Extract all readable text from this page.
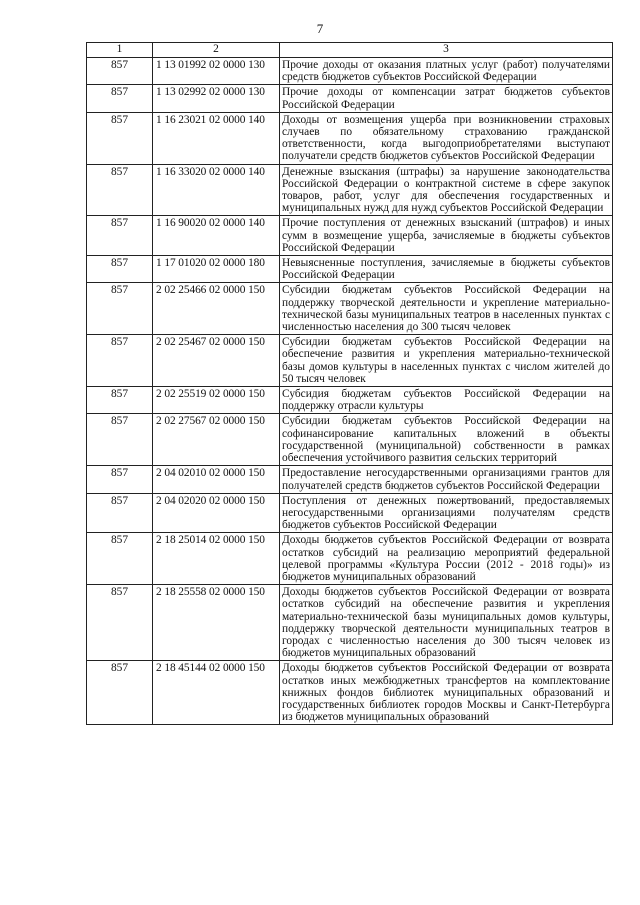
7
1	2	3
857	1 13 01992 02 0000 130	Прочие доходы от оказания платных услуг (работ) получателями средств бюджетов субъектов Российской Федерации
857	1 13 02992 02 0000 130	Прочие доходы от компенсации затрат бюджетов субъектов Российской Федерации
857	1 16 23021 02 0000 140	Доходы от возмещения ущерба при возникновении страховых случаев по обязательному страхованию гражданской ответственности, когда выгодоприобретателями выступают получатели средств бюджетов субъектов Российской Федерации
857	1 16 33020 02 0000 140	Денежные взыскания (штрафы) за нарушение законодательства Российской Федерации о контрактной системе в сфере закупок товаров, работ, услуг для обеспечения государственных и муниципальных нужд для нужд субъектов Российской Федерации
857	1 16 90020 02 0000 140	Прочие поступления от денежных взысканий (штрафов) и иных сумм в возмещение ущерба, зачисляемые в бюджеты субъектов Российской Федерации
857	1 17 01020 02 0000 180	Невыясненные поступления, зачисляемые в бюджеты субъектов Российской Федерации
857	2 02 25466 02 0000 150	Субсидии бюджетам субъектов Российской Федерации на поддержку творческой деятельности и укрепление материально-технической базы муниципальных театров в населенных пунктах с численностью населения до 300 тысяч человек
857	2 02 25467 02 0000 150	Субсидии бюджетам субъектов Российской Федерации на обеспечение развития и укрепления материально-технической базы домов культуры в населенных пунктах с числом жителей до 50 тысяч человек
857	2 02 25519 02 0000 150	Субсидия бюджетам субъектов Российской Федерации на поддержку отрасли культуры
857	2 02 27567 02 0000 150	Субсидии бюджетам субъектов Российской Федерации на софинансирование капитальных вложений в объекты государственной (муниципальной) собственности в рамках обеспечения устойчивого развития сельских территорий
857	2 04 02010 02 0000 150	Предоставление негосударственными организациями грантов для получателей средств бюджетов субъектов Российской Федерации
857	2 04 02020 02 0000 150	Поступления от денежных пожертвований, предоставляемых негосударственными организациями получателям средств бюджетов субъектов Российской Федерации
857	2 18 25014 02 0000 150	Доходы бюджетов субъектов Российской Федерации от возврата остатков субсидий на реализацию мероприятий федеральной целевой программы «Культура России (2012 - 2018 годы)» из бюджетов муниципальных образований
857	2 18 25558 02 0000 150	Доходы бюджетов субъектов Российской Федерации от возврата остатков субсидий на обеспечение развития и укрепления материально-технической базы муниципальных домов культуры, поддержку творческой деятельности муниципальных театров в городах с численностью населения до 300 тысяч человек из бюджетов муниципальных образований
857	2 18 45144 02 0000 150	Доходы бюджетов субъектов Российской Федерации от возврата остатков иных межбюджетных трансфертов на комплектование книжных фондов библиотек муниципальных образований и государственных библиотек городов Москвы и Санкт-Петербурга из бюджетов муниципальных образований
